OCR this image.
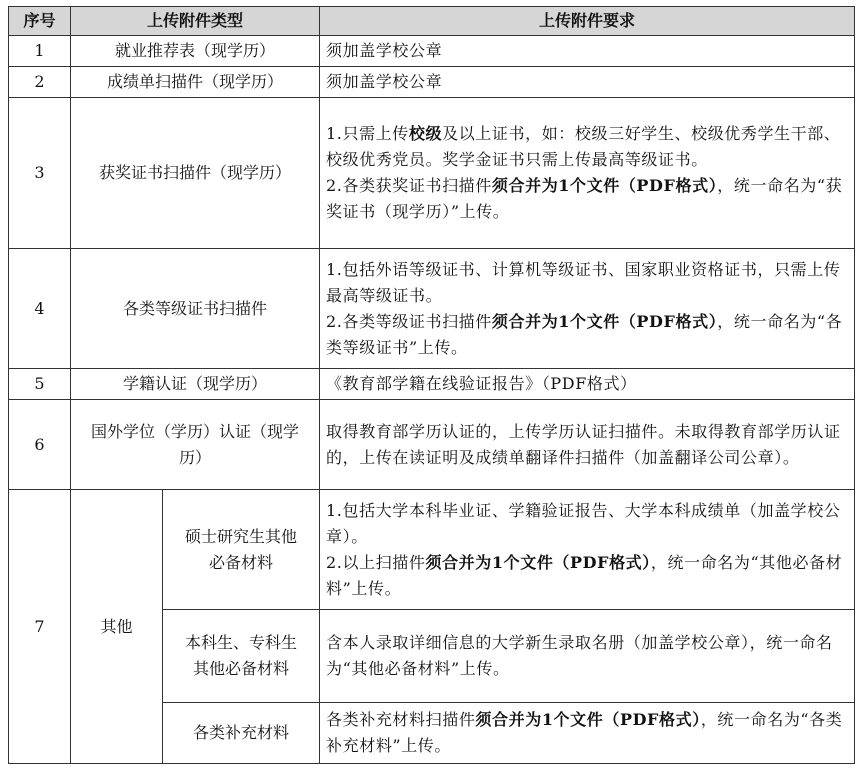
序号	上传附件类型		上传附件要求
1	就业推荐表（现学历）		须加盖学校公章
2	成绩单扫描件（现学历）		须加盖学校公章
3	获奖证书扫描件（现学历）		1.只需上传校级及以上证书，如：校级三好学生、校级优秀学生干部、校级优秀党员。奖学金证书只需上传最高等级证书。

2.各类获奖证书扫描件须合并为1个文件（PDF格式），统一命名为“获奖证书（现学历）”上传。

4	各类等级证书扫描件		1.包括外语等级证书、计算机等级证书、国家职业资格证书，只需上传最高等级证书。

2.各类等级证书扫描件须合并为1个文件（PDF格式），统一命名为“各类等级证书”上传。

5	学籍认证（现学历）		《教育部学籍在线验证报告》（PDF格式）
6	国外学位（学历）认证（现学历）		取得教育部学历认证的，上传学历认证扫描件。未取得教育部学历认证的，上传在读证明及成绩单翻译件扫描件（加盖翻译公司公章）。
7	其他	硕士研究生其他必备材料	1.包括大学本科毕业证、学籍验证报告、大学本科成绩单（加盖学校公章）。

2.以上扫描件须合并为1个文件（PDF格式），统一命名为“其他必备材料”上传。

		本科生、专科生其他必备材料	含本人录取详细信息的大学新生录取名册（加盖学校公章），统一命名为“其他必备材料”上传。
		各类补充材料	各类补充材料扫描件须合并为1个文件（PDF格式），统一命名为“各类补充材料”上传。
